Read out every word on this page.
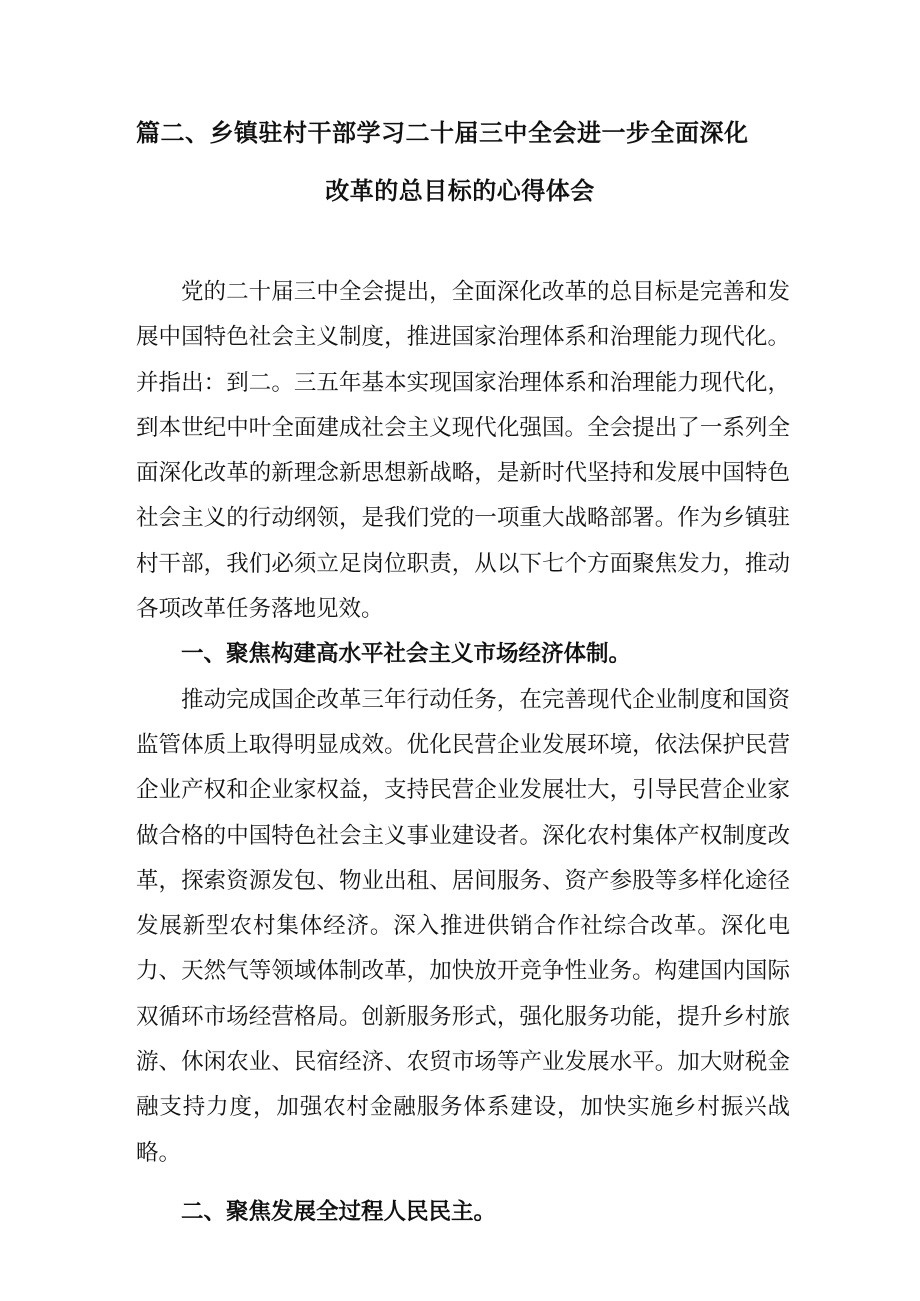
篇二、乡镇驻村干部学习二十届三中全会进一步全面深化
改革的总目标的心得体会

党的二十届三中全会提出，全面深化改革的总目标是完善和发展中国特色社会主义制度，推进国家治理体系和治理能力现代化。并指出：到二。三五年基本实现国家治理体系和治理能力现代化，到本世纪中叶全面建成社会主义现代化强国。全会提出了一系列全面深化改革的新理念新思想新战略，是新时代坚持和发展中国特色社会主义的行动纲领，是我们党的一项重大战略部署。作为乡镇驻村干部，我们必须立足岗位职责，从以下七个方面聚焦发力，推动各项改革任务落地见效。

一、聚焦构建高水平社会主义市场经济体制。

推动完成国企改革三年行动任务，在完善现代企业制度和国资监管体质上取得明显成效。优化民营企业发展环境，依法保护民营企业产权和企业家权益，支持民营企业发展壮大，引导民营企业家做合格的中国特色社会主义事业建设者。深化农村集体产权制度改革，探索资源发包、物业出租、居间服务、资产参股等多样化途径发展新型农村集体经济。深入推进供销合作社综合改革。深化电力、天然气等领域体制改革，加快放开竞争性业务。构建国内国际双循环市场经营格局。创新服务形式，强化服务功能，提升乡村旅游、休闲农业、民宿经济、农贸市场等产业发展水平。加大财税金融支持力度，加强农村金融服务体系建设，加快实施乡村振兴战略。

二、聚焦发展全过程人民民主。
